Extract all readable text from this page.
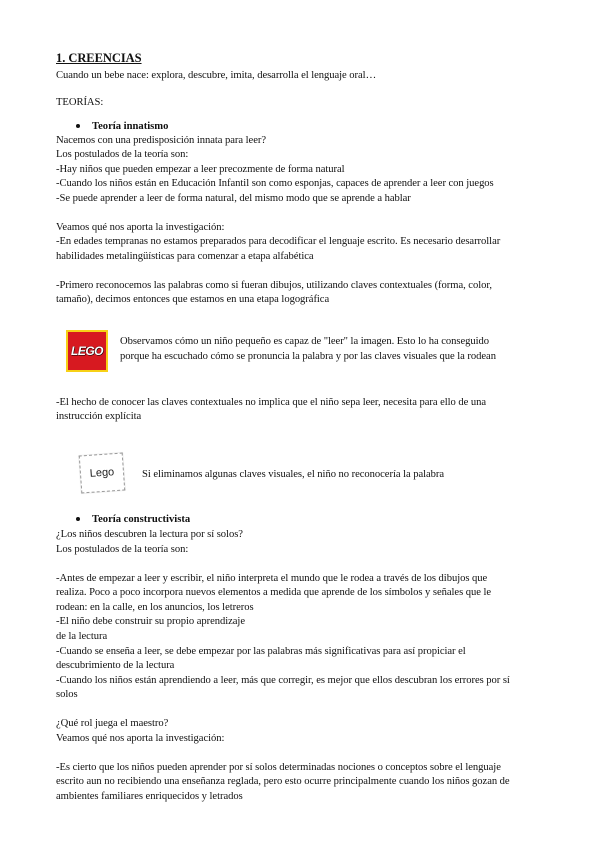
1. CREENCIAS
Cuando un bebe nace: explora, descubre, imita, desarrolla el lenguaje oral…
TEORÍAS:
Teoría innatismo
Nacemos con una predisposición innata para leer?
Los postulados de la teoría son:
-Hay niños que pueden empezar a leer precozmente de forma natural
-Cuando los niños están en Educación Infantil son como esponjas, capaces de aprender a leer con juegos
-Se puede aprender a leer de forma natural, del mismo modo que se aprende a hablar
Veamos qué nos aporta la investigación:
-En edades tempranas no estamos preparados para decodificar el lenguaje escrito. Es necesario desarrollar
habilidades metalingüísticas para comenzar a etapa alfabética
-Primero reconocemos las palabras como si fueran dibujos, utilizando claves contextuales (forma, color,
tamaño), decimos entonces que estamos en una etapa logográfica
LEGO
Observamos cómo un niño pequeño es capaz de "leer" la imagen. Esto lo ha conseguido
porque ha escuchado cómo se pronuncia la palabra y por las claves visuales que la rodean
-El hecho de conocer las claves contextuales no implica que el niño sepa leer, necesita para ello de una
instrucción explícita
Lego	Si eliminamos algunas claves visuales, el niño no reconocería la palabra
Teoría constructivista
¿Los niños descubren la lectura por sí solos?
Los postulados de la teoría son:
-Antes de empezar a leer y escribir, el niño interpreta el mundo que le rodea a través de los dibujos que
realiza. Poco a poco incorpora nuevos elementos a medida que aprende de los símbolos y señales que le
rodean: en la calle, en los anuncios, los letreros
-El niño debe construir su propio aprendizaje
de la lectura
-Cuando se enseña a leer, se debe empezar por las palabras más significativas para así propiciar el
descubrimiento de la lectura
-Cuando los niños están aprendiendo a leer, más que corregir, es mejor que ellos descubran los errores por sí
solos
¿Qué rol juega el maestro?
Veamos qué nos aporta la investigación:
-Es cierto que los niños pueden aprender por sí solos determinadas nociones o conceptos sobre el lenguaje
escrito aun no recibiendo una enseñanza reglada, pero esto ocurre principalmente cuando los niños gozan de
ambientes familiares enriquecidos y letrados
